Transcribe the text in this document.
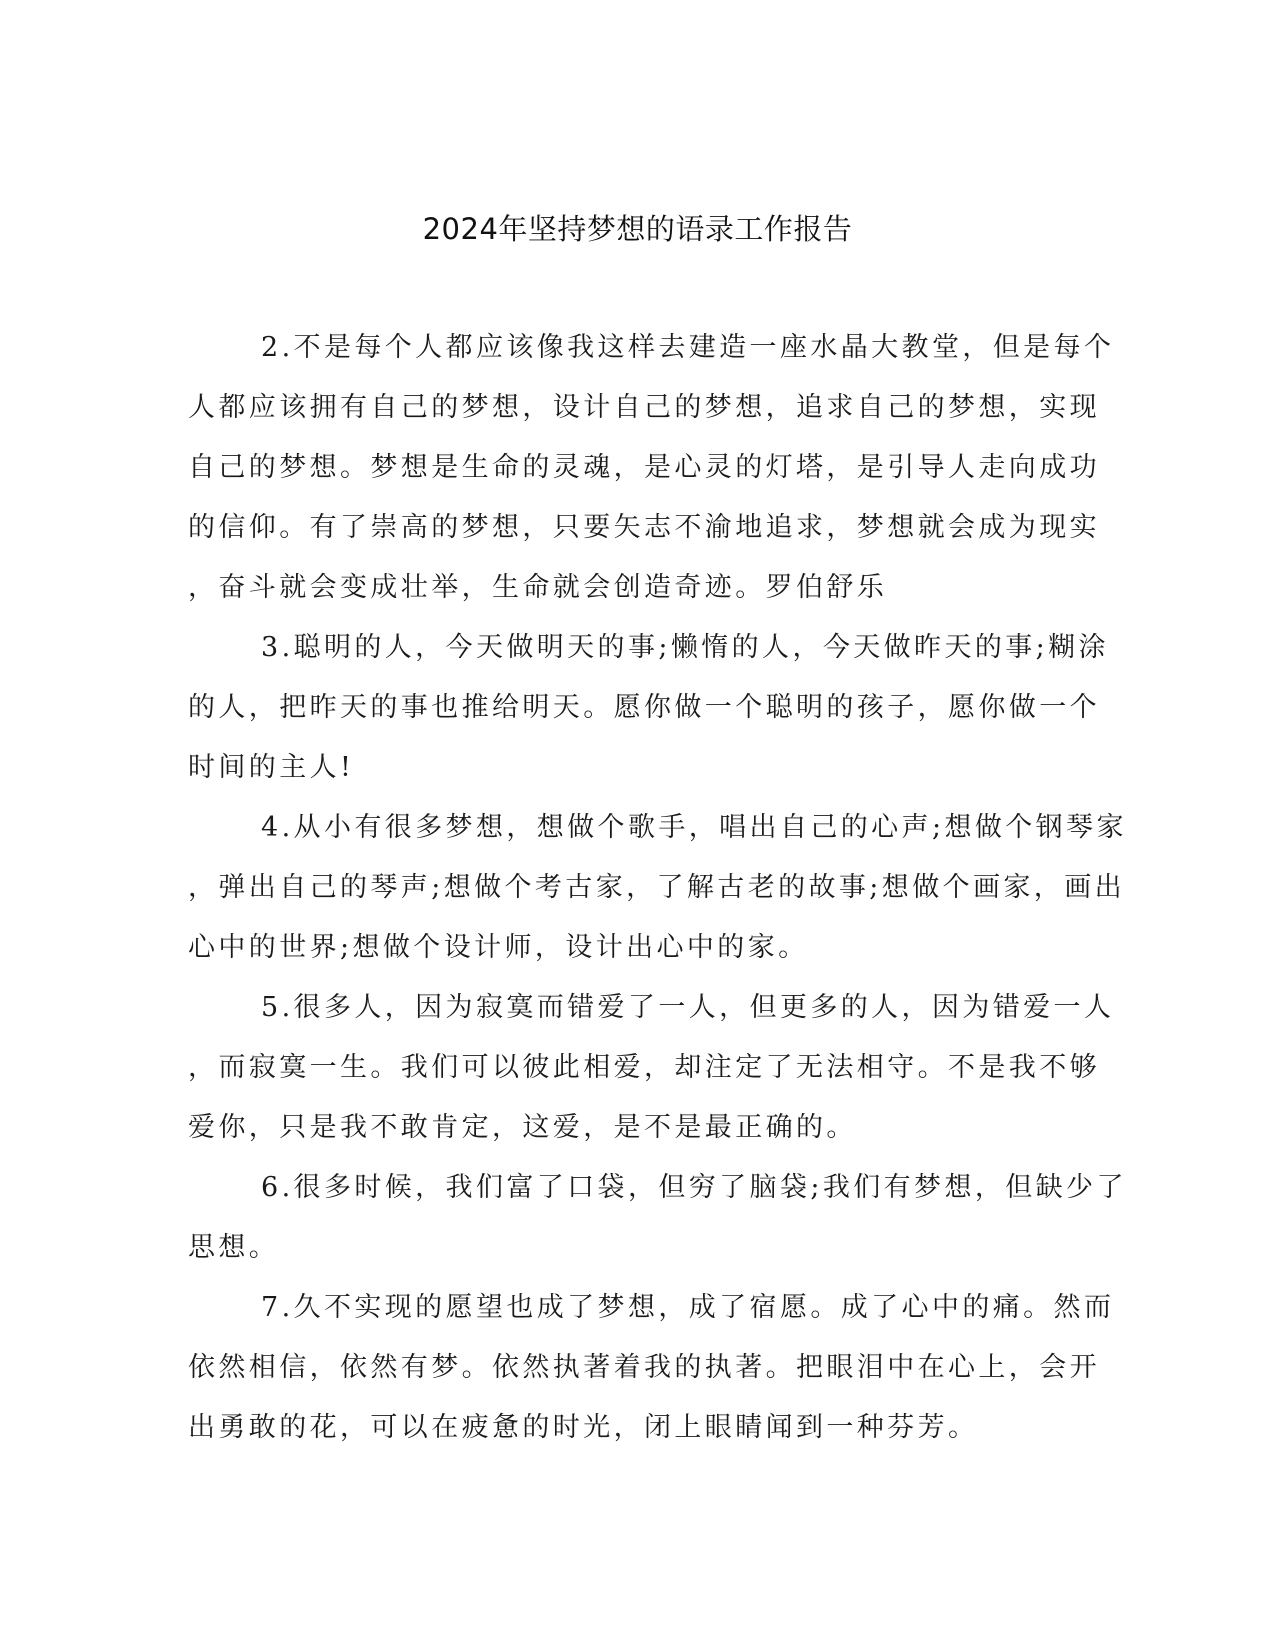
2024年坚持梦想的语录工作报告
2.不是每个人都应该像我这样去建造一座水晶大教堂，但是每个
人都应该拥有自己的梦想，设计自己的梦想，追求自己的梦想，实现
自己的梦想。梦想是生命的灵魂，是心灵的灯塔，是引导人走向成功
的信仰。有了崇高的梦想，只要矢志不渝地追求，梦想就会成为现实
，奋斗就会变成壮举，生命就会创造奇迹。罗伯舒乐
3.聪明的人，今天做明天的事;懒惰的人，今天做昨天的事;糊涂
的人，把昨天的事也推给明天。愿你做一个聪明的孩子，愿你做一个
时间的主人!
4.从小有很多梦想，想做个歌手，唱出自己的心声;想做个钢琴家
，弹出自己的琴声;想做个考古家，了解古老的故事;想做个画家，画出
心中的世界;想做个设计师，设计出心中的家。
5.很多人，因为寂寞而错爱了一人，但更多的人，因为错爱一人
，而寂寞一生。我们可以彼此相爱，却注定了无法相守。不是我不够
爱你，只是我不敢肯定，这爱，是不是最正确的。
6.很多时候，我们富了口袋，但穷了脑袋;我们有梦想，但缺少了
思想。
7.久不实现的愿望也成了梦想，成了宿愿。成了心中的痛。然而
依然相信，依然有梦。依然执著着我的执著。把眼泪中在心上，会开
出勇敢的花，可以在疲惫的时光，闭上眼睛闻到一种芬芳。
